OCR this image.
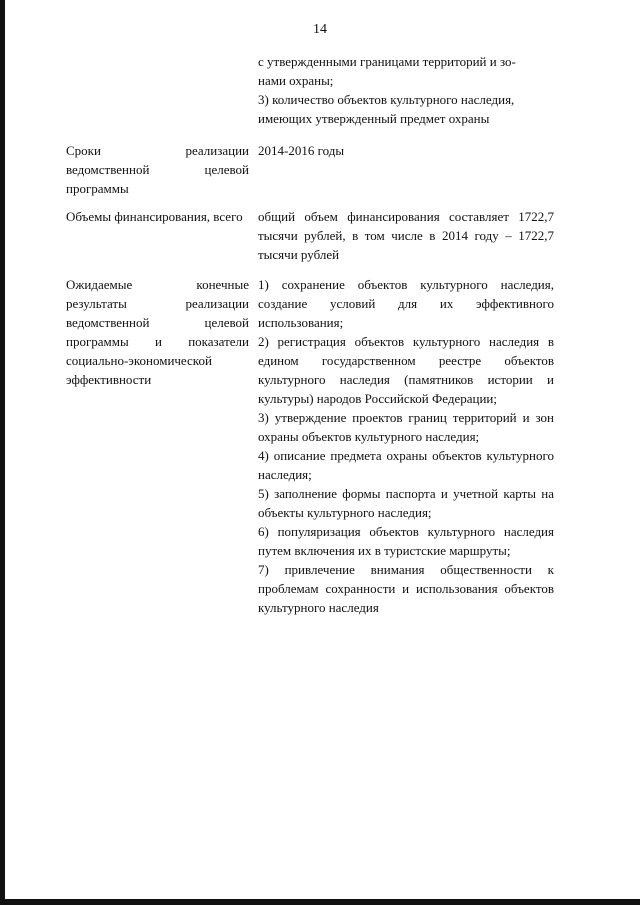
14
с утвержденными границами территорий и зо-
нами охраны;
3) количество объектов культурного наследия,
имеющих утвержденный предмет охраны
Сроки реализации ведомственной целевой программы
2014-2016 годы
Объемы финансирования, всего	общий объем финансирования составляет 1722,7 тысячи рублей, в том числе в 2014 году – 1722,7 тысячи рублей
Ожидаемые конечные результаты реализации ведомственной целевой программы и показатели социально-экономической эффективности
1) сохранение объектов культурного наследия, создание условий для их эффективного использования;
2) регистрация объектов культурного наследия в едином государственном реестре объектов культурного наследия (памятников истории и культуры) народов Российской Федерации;
3) утверждение проектов границ территорий и зон охраны объектов культурного наследия;
4) описание предмета охраны объектов культурного наследия;
5) заполнение формы паспорта и учетной карты на объекты культурного наследия;
6) популяризация объектов культурного наследия путем включения их в туристские маршруты;
7) привлечение внимания общественности к проблемам сохранности и использования объектов культурного наследия
